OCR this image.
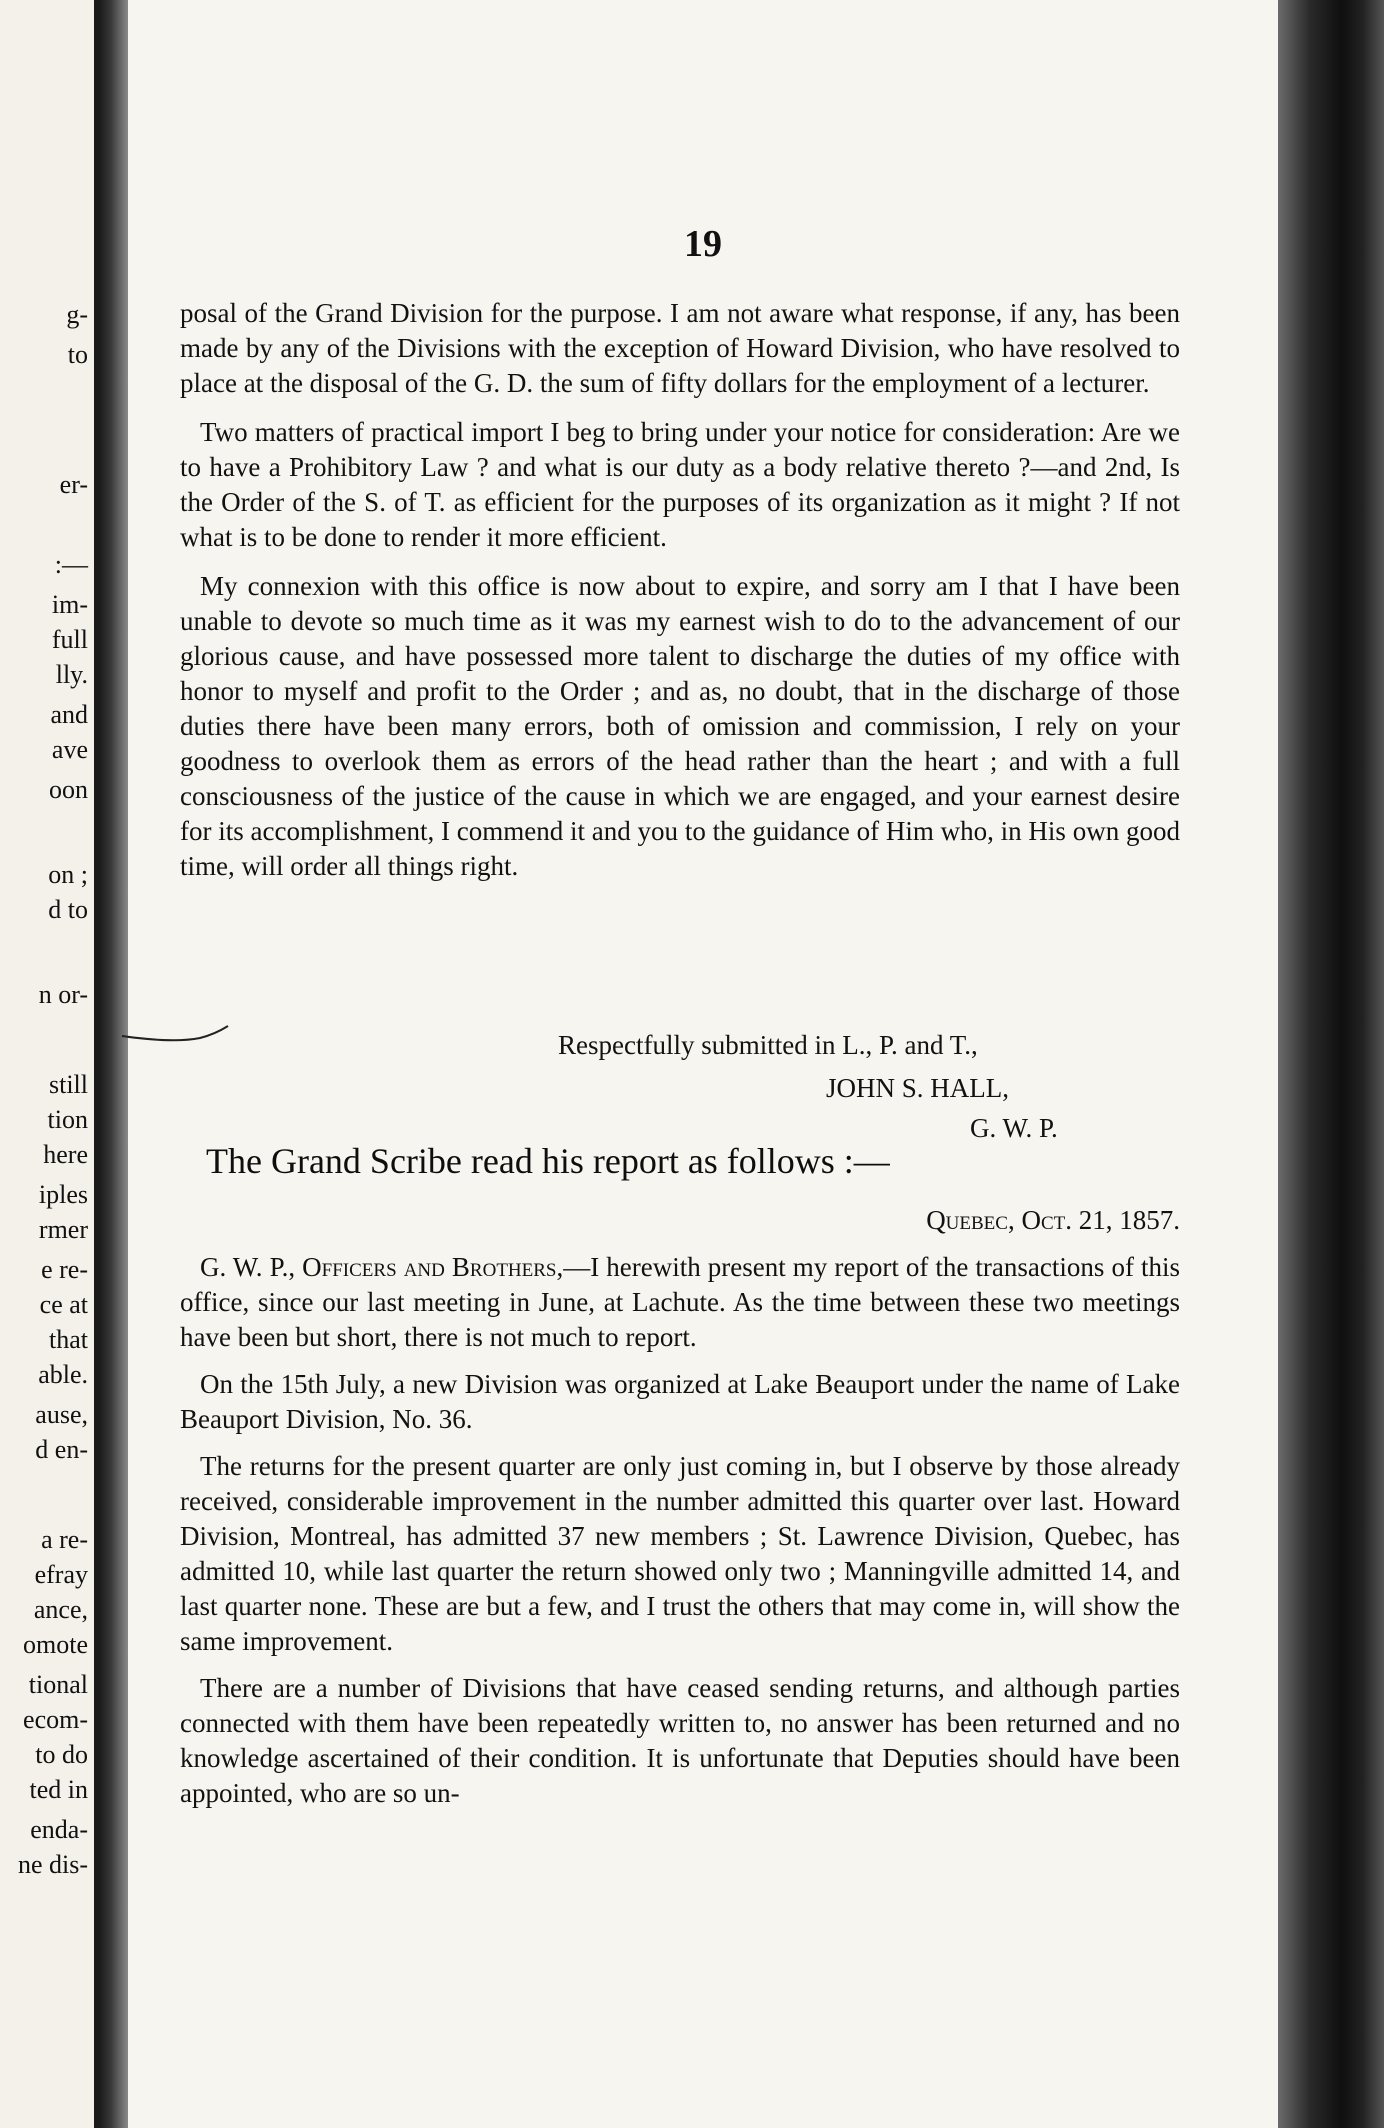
g-
to
er-
:—
im-
full
lly.
and
ave
oon
on ;
d to
n or-
still
tion
here
iples
rmer
e re-
ce at
that
able.
ause,
d en-
a re-
efray
ance,
omote
tional
ecom-
to do
ted in
enda-
ne dis-
19

posal of the Grand Division for the purpose. I am not aware what response, if any, has been made by any of the Divisions with the exception of Howard Division, who have resolved to place at the disposal of the G. D. the sum of fifty dollars for the employment of a lecturer.

Two matters of practical import I beg to bring under your notice for consideration: Are we to have a Prohibitory Law ? and what is our duty as a body relative thereto ?—and 2nd, Is the Order of the S. of T. as efficient for the purposes of its organization as it might ? If not what is to be done to render it more efficient.

My connexion with this office is now about to expire, and sorry am I that I have been unable to devote so much time as it was my earnest wish to do to the advancement of our glorious cause, and have possessed more talent to discharge the duties of my office with honor to myself and profit to the Order ; and as, no doubt, that in the discharge of those duties there have been many errors, both of omission and commission, I rely on your goodness to overlook them as errors of the head rather than the heart ; and with a full consciousness of the justice of the cause in which we are engaged, and your earnest desire for its accomplishment, I commend it and you to the guidance of Him who, in His own good time, will order all things right.

Respectfully submitted in L., P. and T.,
JOHN S. HALL,
G. W. P.
The Grand Scribe read his report as follows :—
Quebec, Oct. 21, 1857.

G. W. P., Officers and Brothers,—I herewith present my report of the transactions of this office, since our last meeting in June, at Lachute. As the time between these two meetings have been but short, there is not much to report.

On the 15th July, a new Division was organized at Lake Beauport under the name of Lake Beauport Division, No. 36.

The returns for the present quarter are only just coming in, but I observe by those already received, considerable improvement in the number admitted this quarter over last. Howard Division, Montreal, has admitted 37 new members ; St. Lawrence Division, Quebec, has admitted 10, while last quarter the return showed only two ; Manningville admitted 14, and last quarter none. These are but a few, and I trust the others that may come in, will show the same improvement.

There are a number of Divisions that have ceased sending returns, and although parties connected with them have been repeatedly written to, no answer has been returned and no knowledge ascertained of their condition. It is unfortunate that Deputies should have been appointed, who are so un-
